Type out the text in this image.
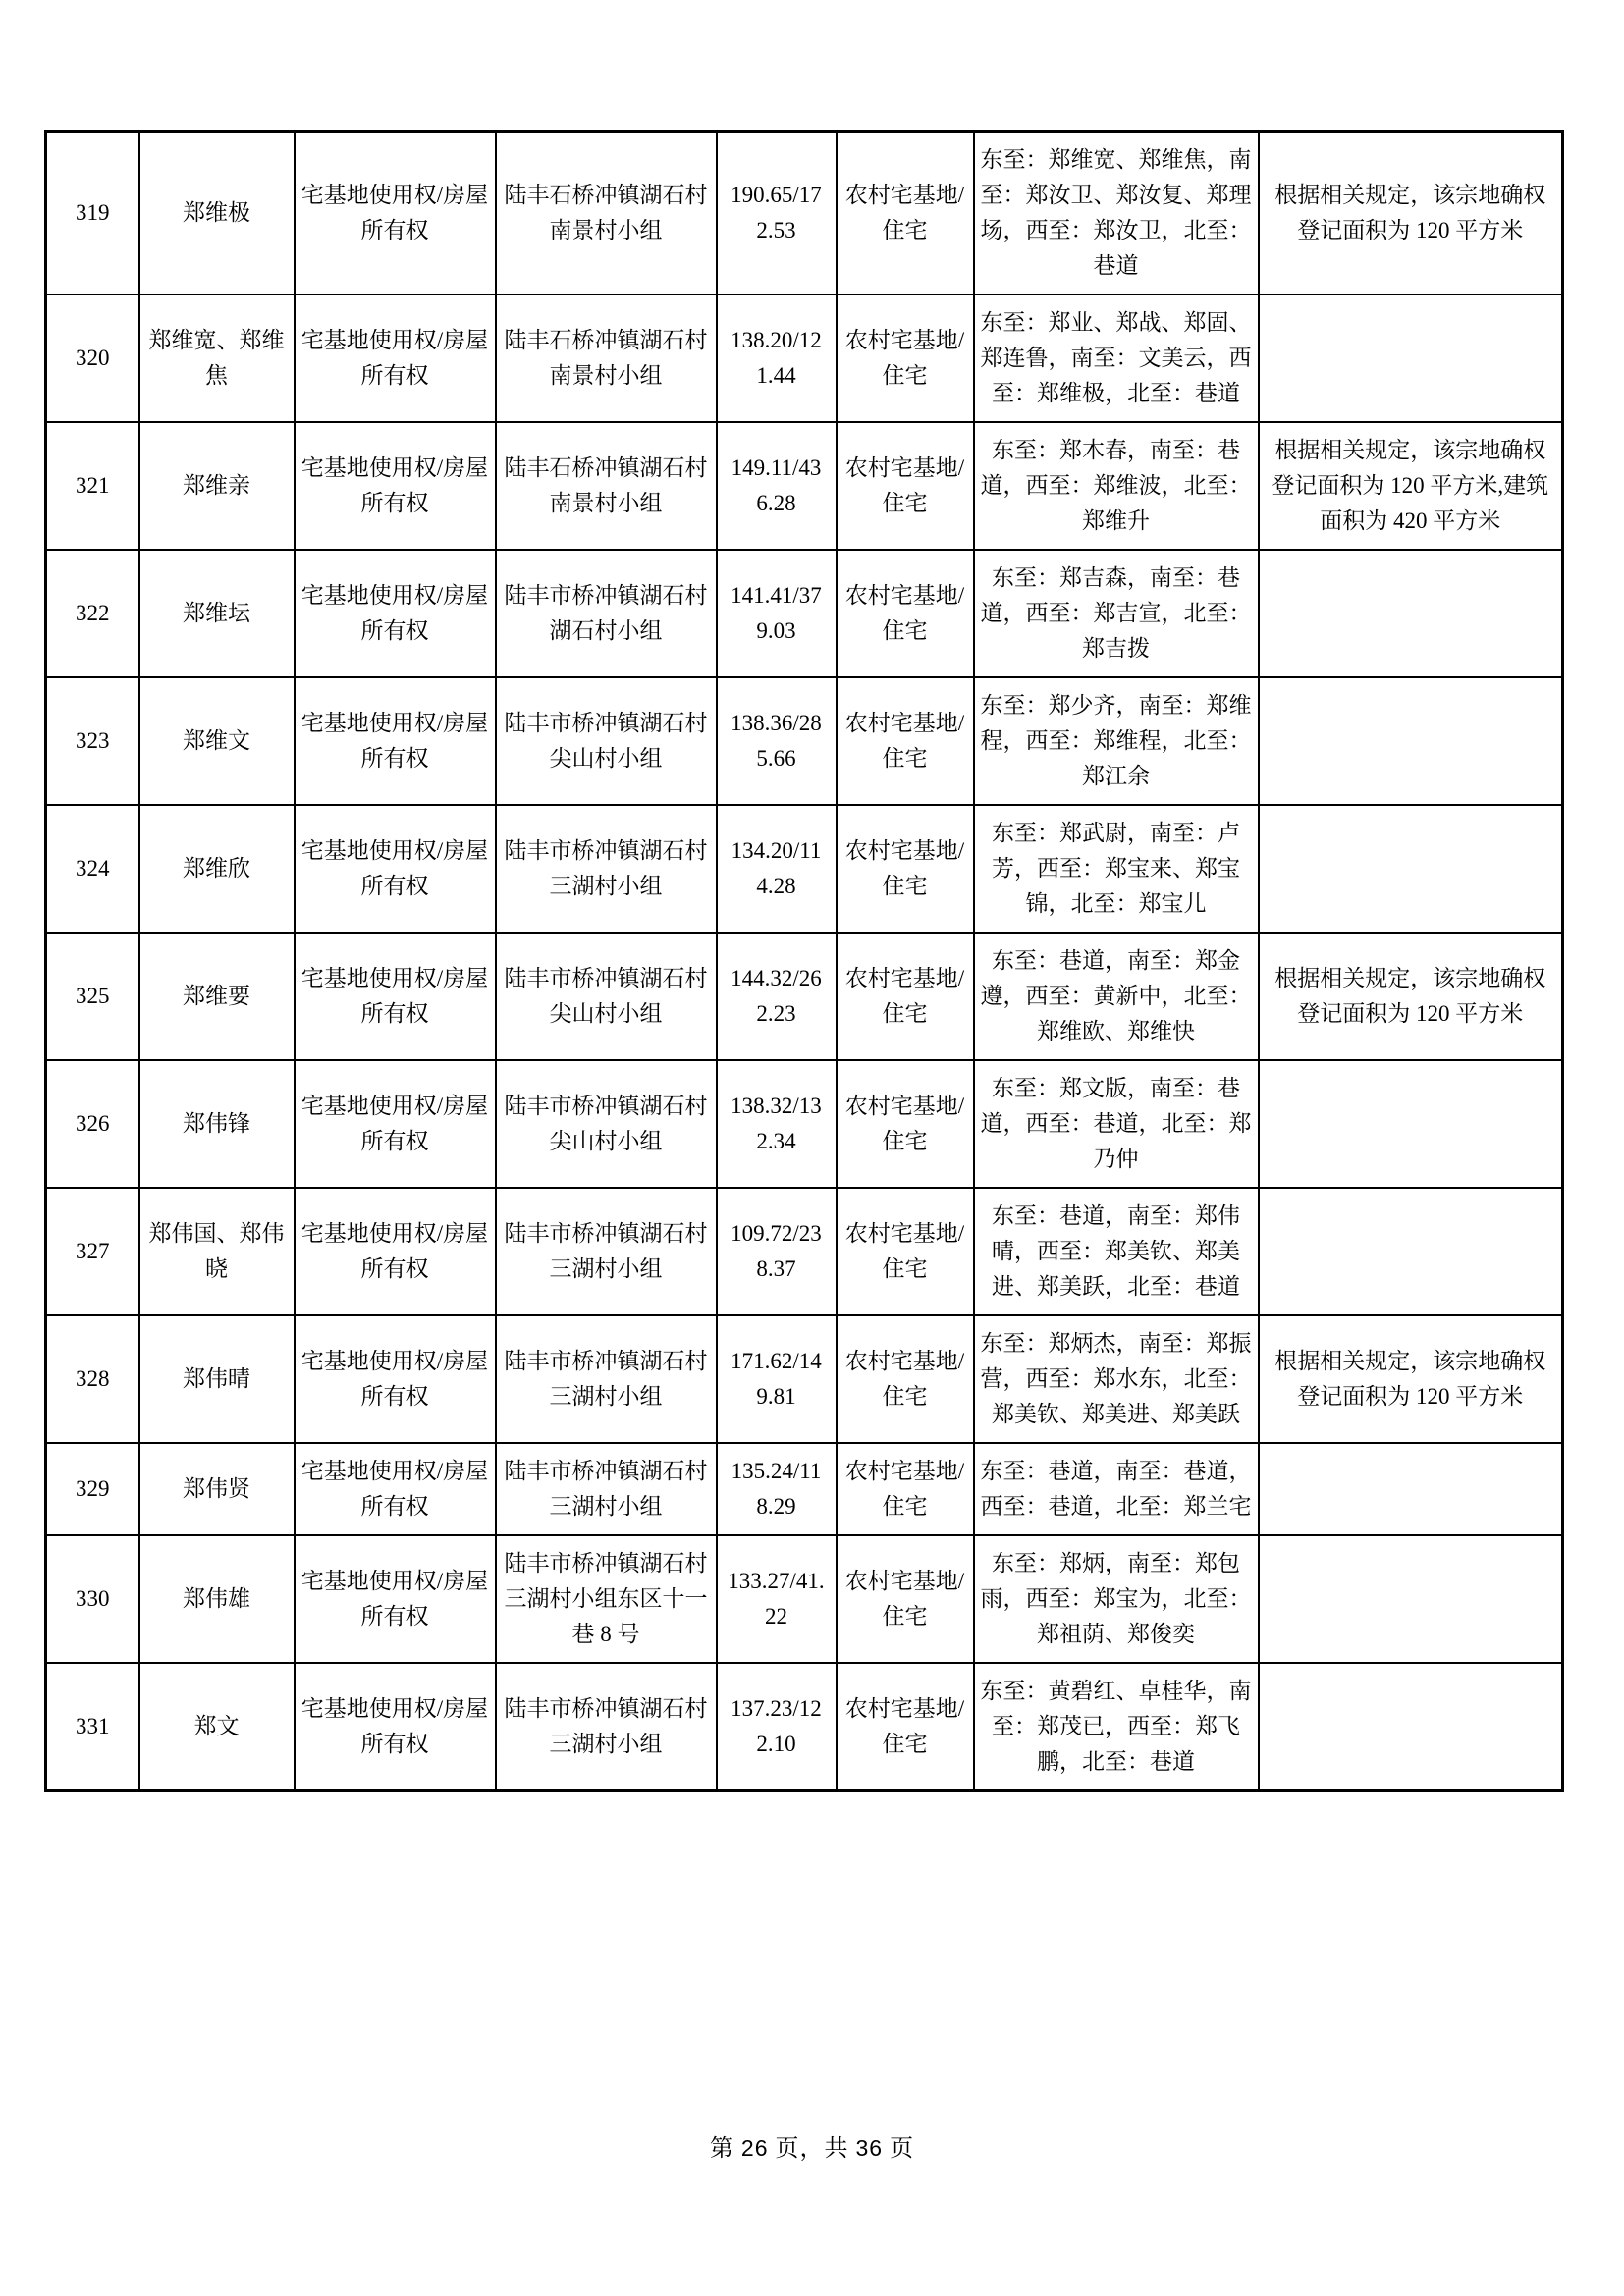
319	郑维极	宅基地使用权/房屋所有权	陆丰石桥冲镇湖石村南景村小组	190.65/172.53	农村宅基地/住宅	东至：郑维宽、郑维焦，南至：郑汝卫、郑汝复、郑理场，西至：郑汝卫，北至：巷道	根据相关规定，该宗地确权登记面积为 120 平方米
320	郑维宽、郑维焦	宅基地使用权/房屋所有权	陆丰石桥冲镇湖石村南景村小组	138.20/121.44	农村宅基地/住宅	东至：郑业、郑战、郑固、郑连鲁，南至：文美云，西至：郑维极，北至：巷道	
321	郑维亲	宅基地使用权/房屋所有权	陆丰石桥冲镇湖石村南景村小组	149.11/436.28	农村宅基地/住宅	东至：郑木春，南至：巷道，西至：郑维波，北至：郑维升	根据相关规定，该宗地确权登记面积为 120 平方米,建筑面积为 420 平方米
322	郑维坛	宅基地使用权/房屋所有权	陆丰市桥冲镇湖石村湖石村小组	141.41/379.03	农村宅基地/住宅	东至：郑吉森，南至：巷道，西至：郑吉宣，北至：郑吉拨	
323	郑维文	宅基地使用权/房屋所有权	陆丰市桥冲镇湖石村尖山村小组	138.36/285.66	农村宅基地/住宅	东至：郑少齐，南至：郑维程，西至：郑维程，北至：郑江余	
324	郑维欣	宅基地使用权/房屋所有权	陆丰市桥冲镇湖石村三湖村小组	134.20/114.28	农村宅基地/住宅	东至：郑武尉，南至：卢芳，西至：郑宝来、郑宝锦，北至：郑宝儿	
325	郑维要	宅基地使用权/房屋所有权	陆丰市桥冲镇湖石村尖山村小组	144.32/262.23	农村宅基地/住宅	东至：巷道，南至：郑金遵，西至：黄新中，北至：郑维欧、郑维快	根据相关规定，该宗地确权登记面积为 120 平方米
326	郑伟锋	宅基地使用权/房屋所有权	陆丰市桥冲镇湖石村尖山村小组	138.32/132.34	农村宅基地/住宅	东至：郑文版，南至：巷道，西至：巷道，北至：郑乃仲	
327	郑伟国、郑伟晓	宅基地使用权/房屋所有权	陆丰市桥冲镇湖石村三湖村小组	109.72/238.37	农村宅基地/住宅	东至：巷道，南至：郑伟晴，西至：郑美钦、郑美进、郑美跃，北至：巷道	
328	郑伟晴	宅基地使用权/房屋所有权	陆丰市桥冲镇湖石村三湖村小组	171.62/149.81	农村宅基地/住宅	东至：郑炳杰，南至：郑振营，西至：郑水东，北至：郑美钦、郑美进、郑美跃	根据相关规定，该宗地确权登记面积为 120 平方米
329	郑伟贤	宅基地使用权/房屋所有权	陆丰市桥冲镇湖石村三湖村小组	135.24/118.29	农村宅基地/住宅	东至：巷道，南至：巷道，西至：巷道，北至：郑兰宅	
330	郑伟雄	宅基地使用权/房屋所有权	陆丰市桥冲镇湖石村三湖村小组东区十一巷 8 号	133.27/41.22	农村宅基地/住宅	东至：郑炳，南至：郑包雨，西至：郑宝为，北至：郑祖荫、郑俊奕	
331	郑文	宅基地使用权/房屋所有权	陆丰市桥冲镇湖石村三湖村小组	137.23/122.10	农村宅基地/住宅	东至：黄碧红、卓桂华，南至：郑茂已，西至：郑飞鹏，北至：巷道	
第 26 页，共 36 页
